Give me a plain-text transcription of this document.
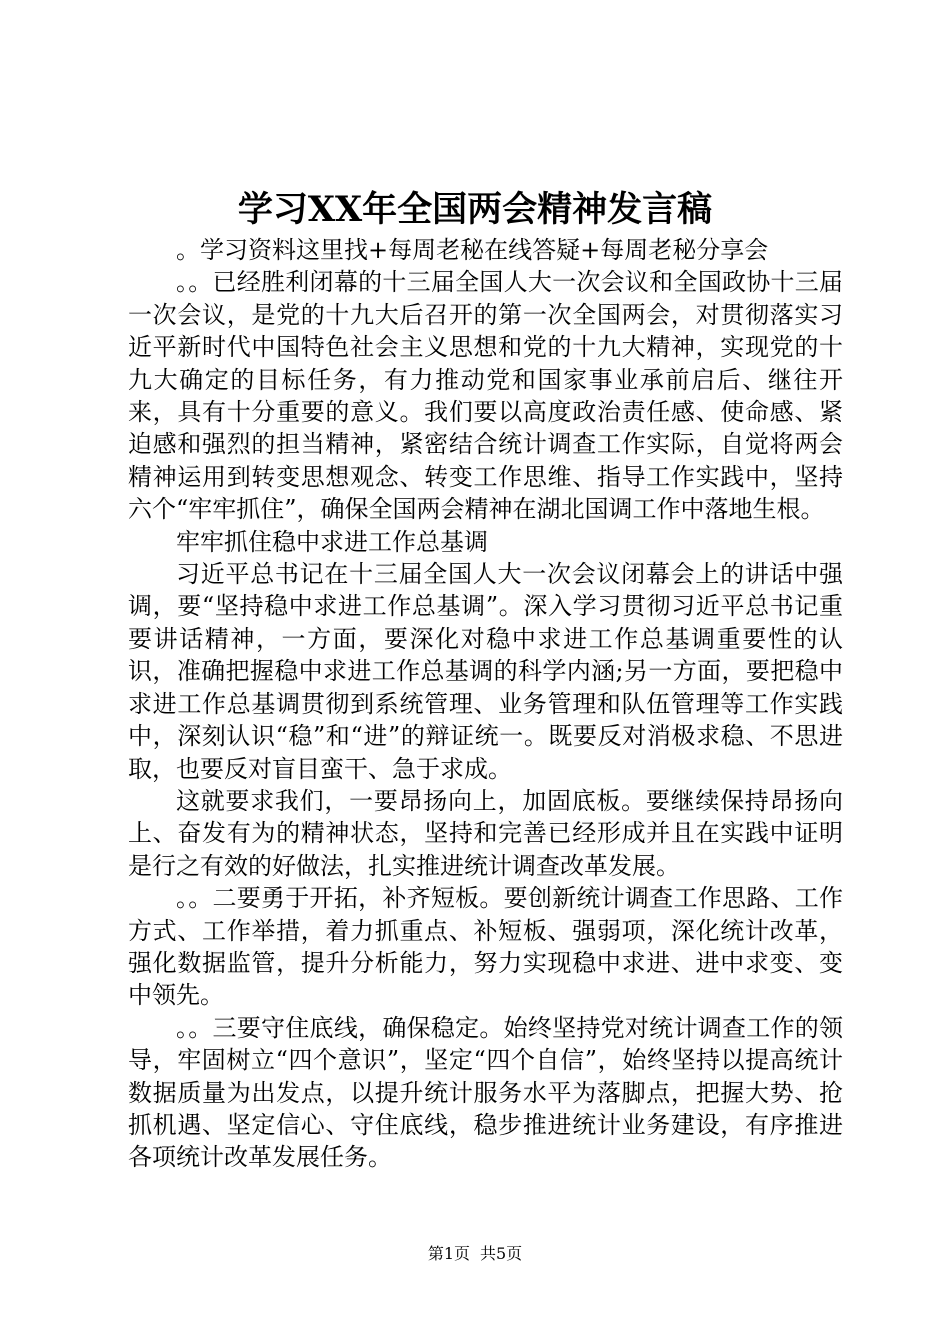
学习XX年全国两会精神发言稿

。学习资料这里找+每周老秘在线答疑+每周老秘分享会

。。已经胜利闭幕的十三届全国人大一次会议和全国政协十三届一次会议，是党的十九大后召开的第一次全国两会，对贯彻落实习近平新时代中国特色社会主义思想和党的十九大精神，实现党的十九大确定的目标任务，有力推动党和国家事业承前启后、继往开来，具有十分重要的意义。我们要以高度政治责任感、使命感、紧迫感和强烈的担当精神，紧密结合统计调查工作实际，自觉将两会精神运用到转变思想观念、转变工作思维、指导工作实践中，坚持六个“牢牢抓住”，确保全国两会精神在湖北国调工作中落地生根。

牢牢抓住稳中求进工作总基调

习近平总书记在十三届全国人大一次会议闭幕会上的讲话中强调，要“坚持稳中求进工作总基调”。深入学习贯彻习近平总书记重要讲话精神，一方面，要深化对稳中求进工作总基调重要性的认识，准确把握稳中求进工作总基调的科学内涵;另一方面，要把稳中求进工作总基调贯彻到系统管理、业务管理和队伍管理等工作实践中，深刻认识“稳”和“进”的辩证统一。既要反对消极求稳、不思进取，也要反对盲目蛮干、急于求成。

这就要求我们，一要昂扬向上，加固底板。要继续保持昂扬向上、奋发有为的精神状态，坚持和完善已经形成并且在实践中证明是行之有效的好做法，扎实推进统计调查改革发展。

。。二要勇于开拓，补齐短板。要创新统计调查工作思路、工作方式、工作举措，着力抓重点、补短板、强弱项，深化统计改革，强化数据监管，提升分析能力，努力实现稳中求进、进中求变、变中领先。

。。三要守住底线，确保稳定。始终坚持党对统计调查工作的领导，牢固树立“四个意识”，坚定“四个自信”，始终坚持以提高统计数据质量为出发点，以提升统计服务水平为落脚点，把握大势、抢抓机遇、坚定信心、守住底线，稳步推进统计业务建设，有序推进各项统计改革发展任务。

第1页 共5页
